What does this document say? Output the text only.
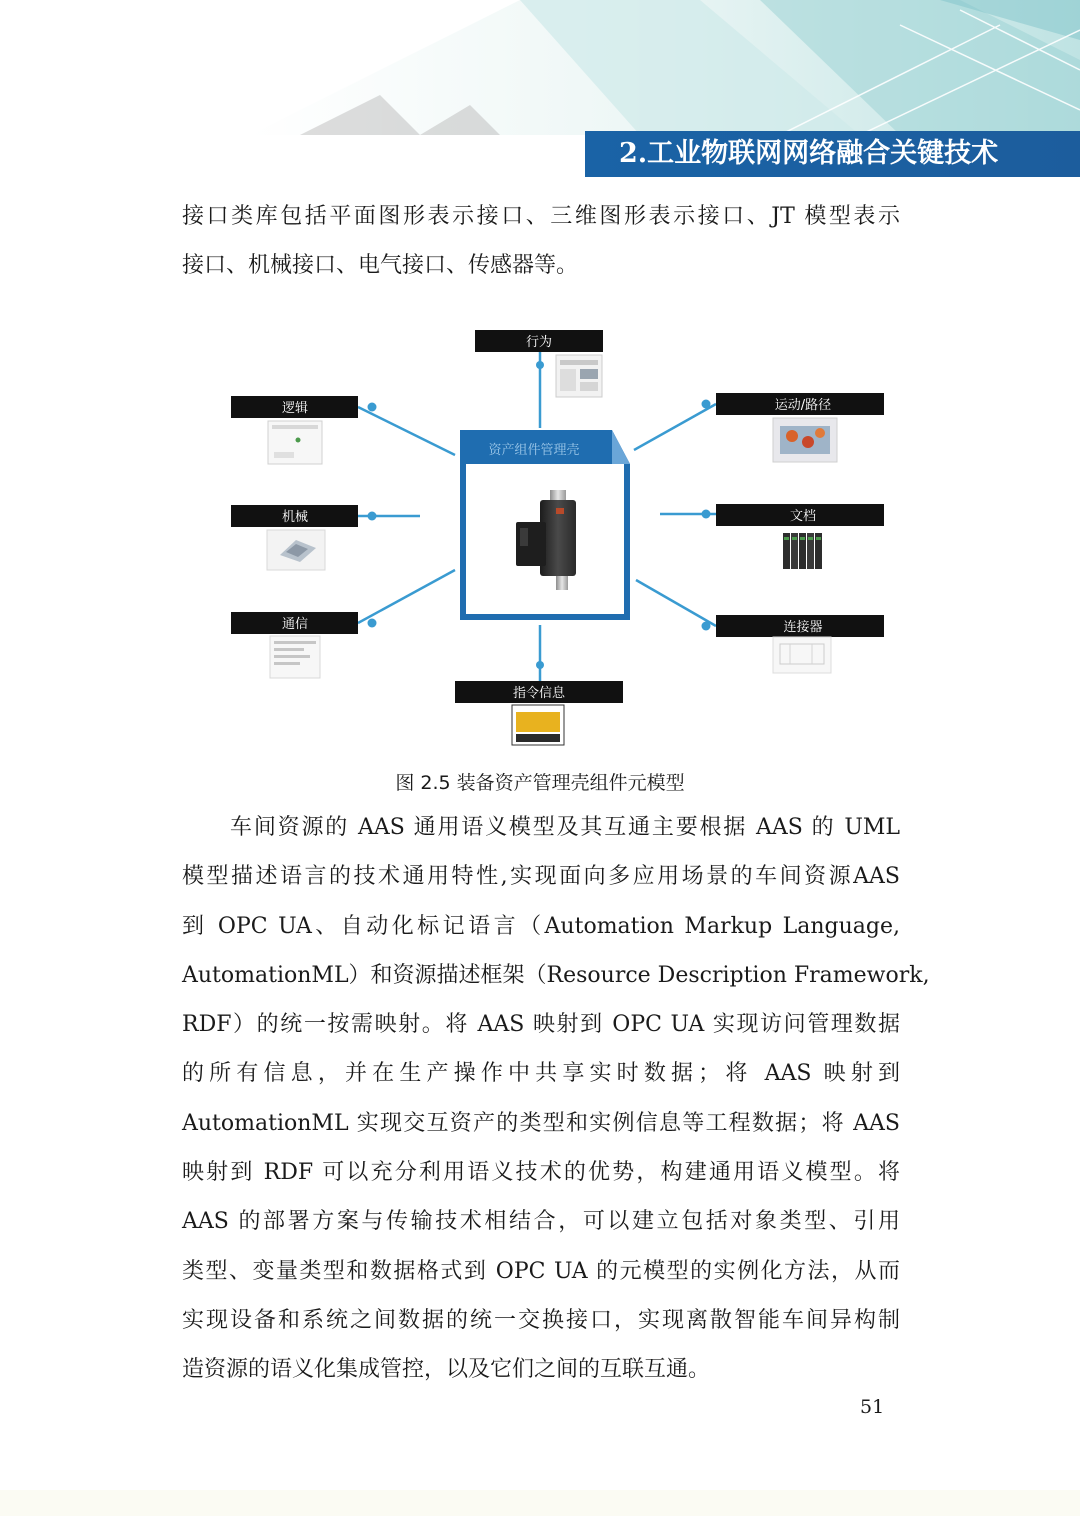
2.工业物联网网络融合关键技术
接口类库包括平面图形表示接口、三维图形表示接口、JT 模型表示
接口、机械接口、电气接口、传感器等。
资产组件管理壳
行为
逻辑	运动/路径
机械	文档
通信	连接器
指令信息
图 2.5 装备资产管理壳组件元模型
车间资源的 AAS 通用语义模型及其互通主要根据 AAS 的 UML
模型描述语言的技术通用特性,实现面向多应用场景的车间资源AAS
到 OPC UA、自动化标记语言（Automation Markup Language,
AutomationML）和资源描述框架（Resource Description Framework,
RDF）的统一按需映射。将 AAS 映射到 OPC UA 实现访问管理数据
的所有信息，并在生产操作中共享实时数据；将 AAS 映射到
AutomationML 实现交互资产的类型和实例信息等工程数据；将 AAS
映射到 RDF 可以充分利用语义技术的优势，构建通用语义模型。将
AAS 的部署方案与传输技术相结合，可以建立包括对象类型、引用
类型、变量类型和数据格式到 OPC UA 的元模型的实例化方法，从而
实现设备和系统之间数据的统一交换接口，实现离散智能车间异构制
造资源的语义化集成管控，以及它们之间的互联互通。
51
